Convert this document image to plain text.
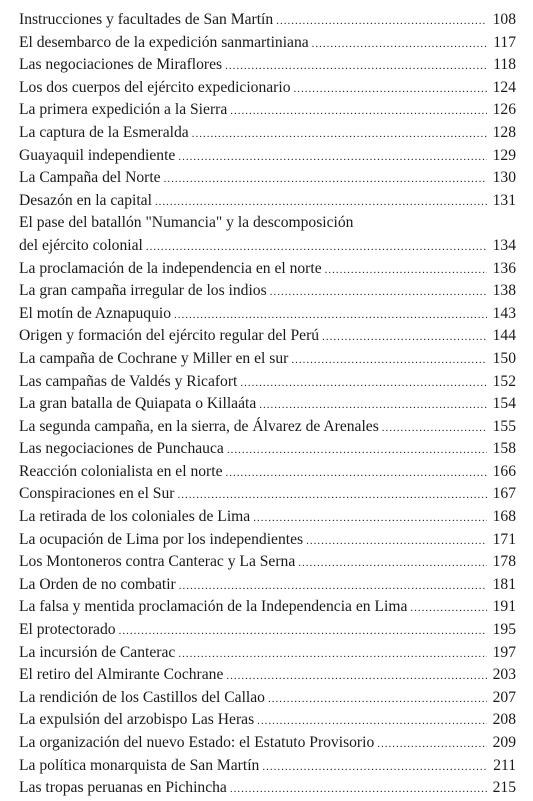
Instrucciones y facultades de San Martín .....	108
El desembarco de la expedición sanmartiniana .....	117
Las negociaciones de Miraflores .....	118
Los dos cuerpos del ejército expedicionario .....	124
La primera expedición a la Sierra .....	126
La captura de la Esmeralda .....	128
Guayaquil independiente .....	129
La Campaña del Norte .....	130
Desazón en la capital .....	131
El pase del batallón "Numancia" y la descomposición
del ejército colonial .....	134
La proclamación de la independencia en el norte .....	136
La gran campaña irregular de los indios .....	138
El motín de Aznapuquio .....	143
Origen y formación del ejército regular del Perú .....	144
La campaña de Cochrane y Miller en el sur .....	150
Las campañas de Valdés y Ricafort .....	152
La gran batalla de Quiapata o Killaáta .....	154
La segunda campaña, en la sierra, de Álvarez de Arenales .....	155
Las negociaciones de Punchauca .....	158
Reacción colonialista en el norte .....	166
Conspiraciones en el Sur .....	167
La retirada de los coloniales de Lima .....	168
La ocupación de Lima por los independientes .....	171
Los Montoneros contra Canterac y La Serna .....	178
La Orden de no combatir .....	181
La falsa y mentida proclamación de la Independencia en Lima .....	191
El protectorado .....	195
La incursión de Canterac .....	197
El retiro del Almirante Cochrane .....	203
La rendición de los Castillos del Callao .....	207
La expulsión del arzobispo Las Heras .....	208
La organización del nuevo Estado: el Estatuto Provisorio .....	209
La política monarquista de San Martín .....	211
Las tropas peruanas en Pichincha .....	215
